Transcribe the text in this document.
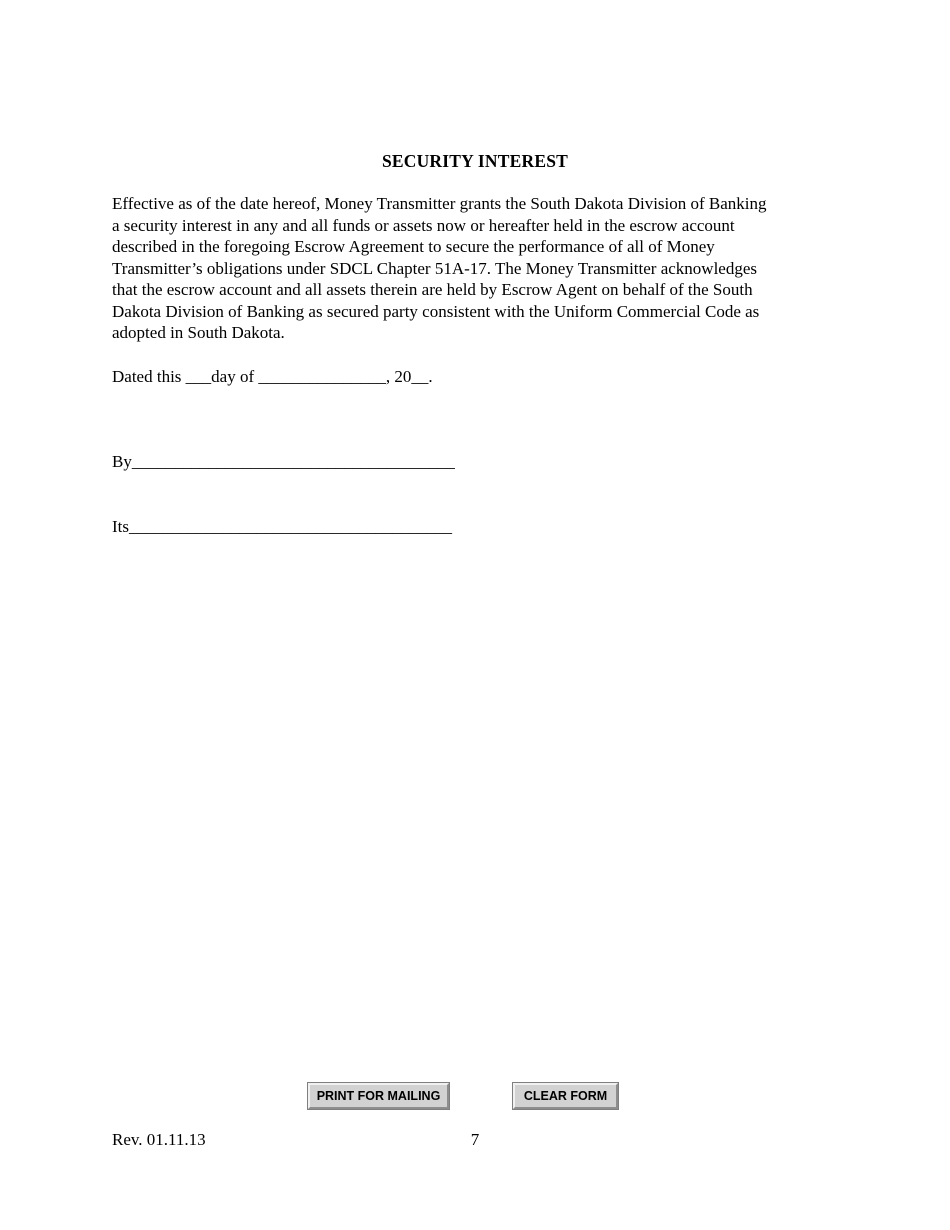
SECURITY INTEREST
Effective as of the date hereof, Money Transmitter grants the South Dakota Division of Banking
a security interest in any and all funds or assets now or hereafter held in the escrow account
described in the foregoing Escrow Agreement to secure the performance of all of Money
Transmitter’s obligations under SDCL Chapter 51A-17. The Money Transmitter acknowledges
that the escrow account and all assets therein are held by Escrow Agent on behalf of the South
Dakota Division of Banking as secured party consistent with the Uniform Commercial Code as
adopted in South Dakota.
Dated this ___day of _______________, 20__.

By______________________________________

Its______________________________________

PRINT FOR MAILING	CLEAR FORM
Rev. 01.11.13	7
